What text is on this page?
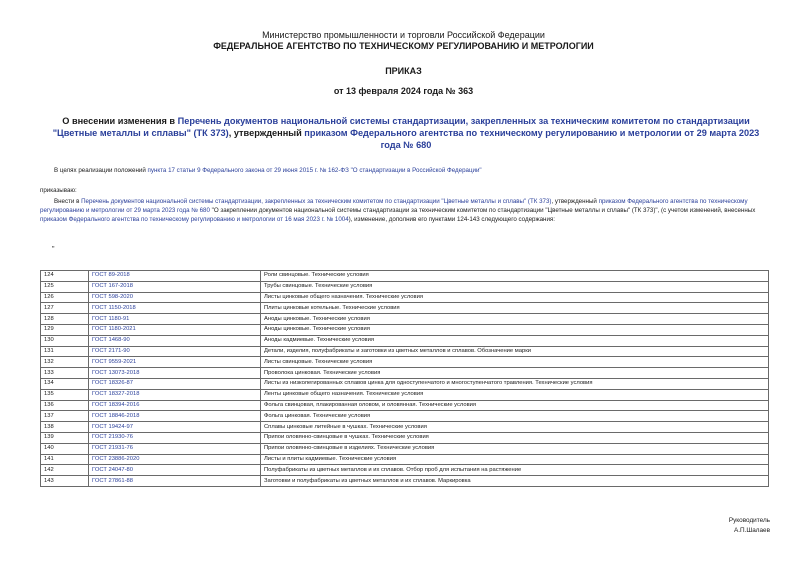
Министерство промышленности и торговли Российской Федерации
ФЕДЕРАЛЬНОЕ АГЕНТСТВО ПО ТЕХНИЧЕСКОМУ РЕГУЛИРОВАНИЮ И МЕТРОЛОГИИ
ПРИКАЗ
от 13 февраля 2024 года № 363
О внесении изменения в Перечень документов национальной системы стандартизации, закрепленных за техническим комитетом по стандартизации "Цветные металлы и сплавы" (ТК 373), утвержденный приказом Федерального агентства по техническому регулированию и метрологии от 29 марта 2023 года № 680
В целях реализации положений пункта 17 статьи 9 Федерального закона от 29 июня 2015 г. № 162-ФЗ "О стандартизации в Российской Федерации"
приказываю:
Внести в Перечень документов национальной системы стандартизации, закрепленных за техническим комитетом по стандартизации "Цветные металлы и сплавы" (ТК 373), утвержденный приказом Федерального агентства по техническому регулированию и метрологии от 29 марта 2023 года № 680 "О закреплении документов национальной системы стандартизации за техническим комитетом по стандартизации "Цветные металлы и сплавы" (ТК 373)", (с учетом изменений, внесенных приказом Федерального агентства по техническому регулированию и метрологии от 16 мая 2023 г. № 1004), изменение, дополнив его пунктами 124-143 следующего содержания:
"
124	ГОСТ 89-2018	Роли свинцовые. Технические условия
125	ГОСТ 167-2018	Трубы свинцовые. Технические условия
126	ГОСТ 598-2020	Листы цинковые общего назначения. Технические условия
127	ГОСТ 1150-2018	Плиты цинковые котельные. Технические условия
128	ГОСТ 1180-91	Аноды цинковые. Технические условия
129	ГОСТ 1180-2021	Аноды цинковые. Технические условия
130	ГОСТ 1468-90	Аноды кадмиевые. Технические условия
131	ГОСТ 2171-90	Детали, изделия, полуфабрикаты и заготовки из цветных металлов и сплавов. Обозначение марки
132	ГОСТ 9559-2021	Листы свинцовые. Технические условия
133	ГОСТ 13073-2018	Проволока цинковая. Технические условия
134	ГОСТ 18326-87	Листы из низколегированных сплавов цинка для одноступенчатого и многоступенчатого травления. Технические условия
135	ГОСТ 18327-2018	Ленты цинковые общего назначения. Технические условия
136	ГОСТ 18394-2016	Фольга свинцовая, плакированная оловом, и оловянная. Технические условия
137	ГОСТ 18846-2018	Фольга цинковая. Технические условия
138	ГОСТ 19424-97	Сплавы цинковые литейные в чушках. Технические условия
139	ГОСТ 21930-76	Припои оловянно-свинцовые в чушках. Технические условия
140	ГОСТ 21931-76	Припои оловянно-свинцовые в изделиях. Технические условия
141	ГОСТ 23886-2020	Листы и плиты кадмиевые. Технические условия
142	ГОСТ 24047-80	Полуфабрикаты из цветных металлов и их сплавов. Отбор проб для испытания на растяжение
143	ГОСТ 27861-88	Заготовки и полуфабрикаты из цветных металлов и их сплавов. Маркировка
Руководитель
А.П.Шалаев
